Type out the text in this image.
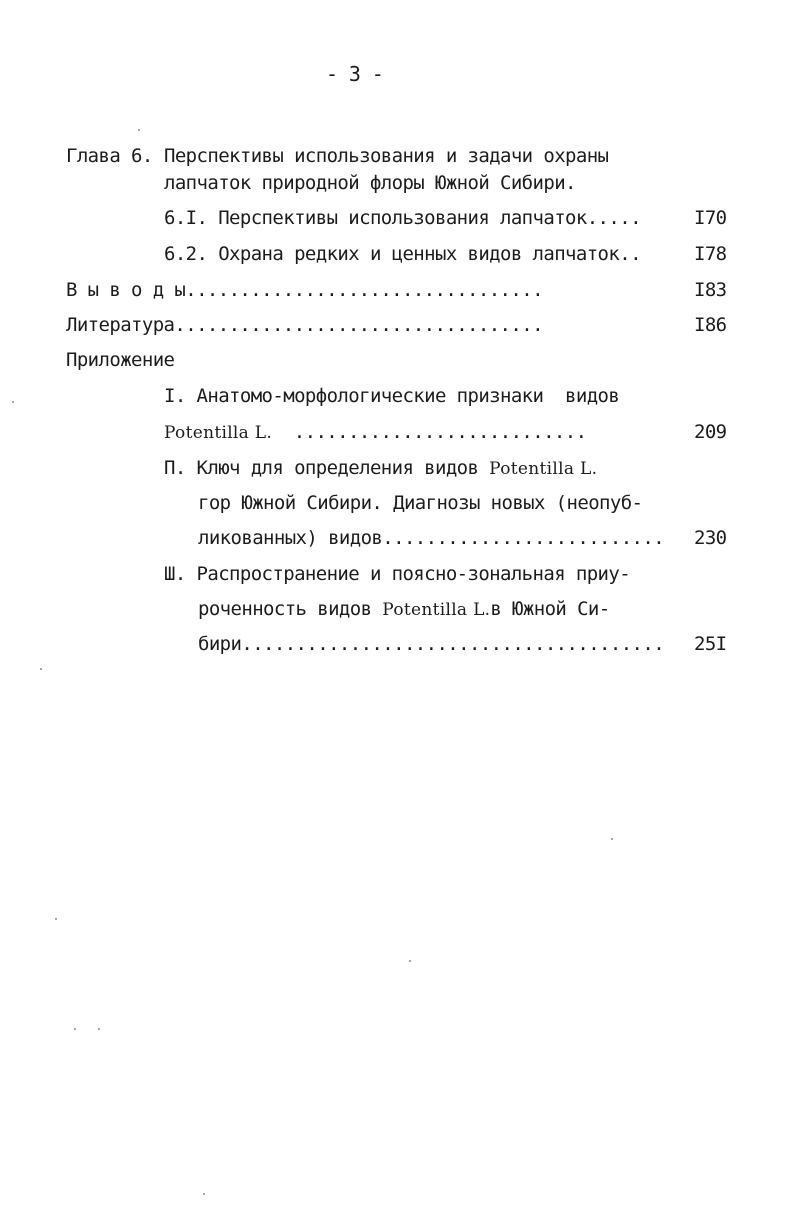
- 3 -
Глава 6. Перспективы использования и задачи охраны
лапчаток природной флоры Южной Сибири.
6.I. Перспективы использования лапчаток.....	I70
6.2. Охрана редких и ценных видов лапчаток..	I78
В ы в о д ы.................................	I83
Литература..................................	I86
Приложение
I. Анатомо-морфологические признаки  видов
Potentilla L.  ...........................	209
П. Ключ для определения видов Potentilla L.
гор Южной Сибири. Диагнозы новых (неопуб-
ликованных) видов.......................... 230
Ш. Распространение и поясно-зональная приу-
роченность видов Potentilla L.в Южной Си-
бири....................................... 25I
